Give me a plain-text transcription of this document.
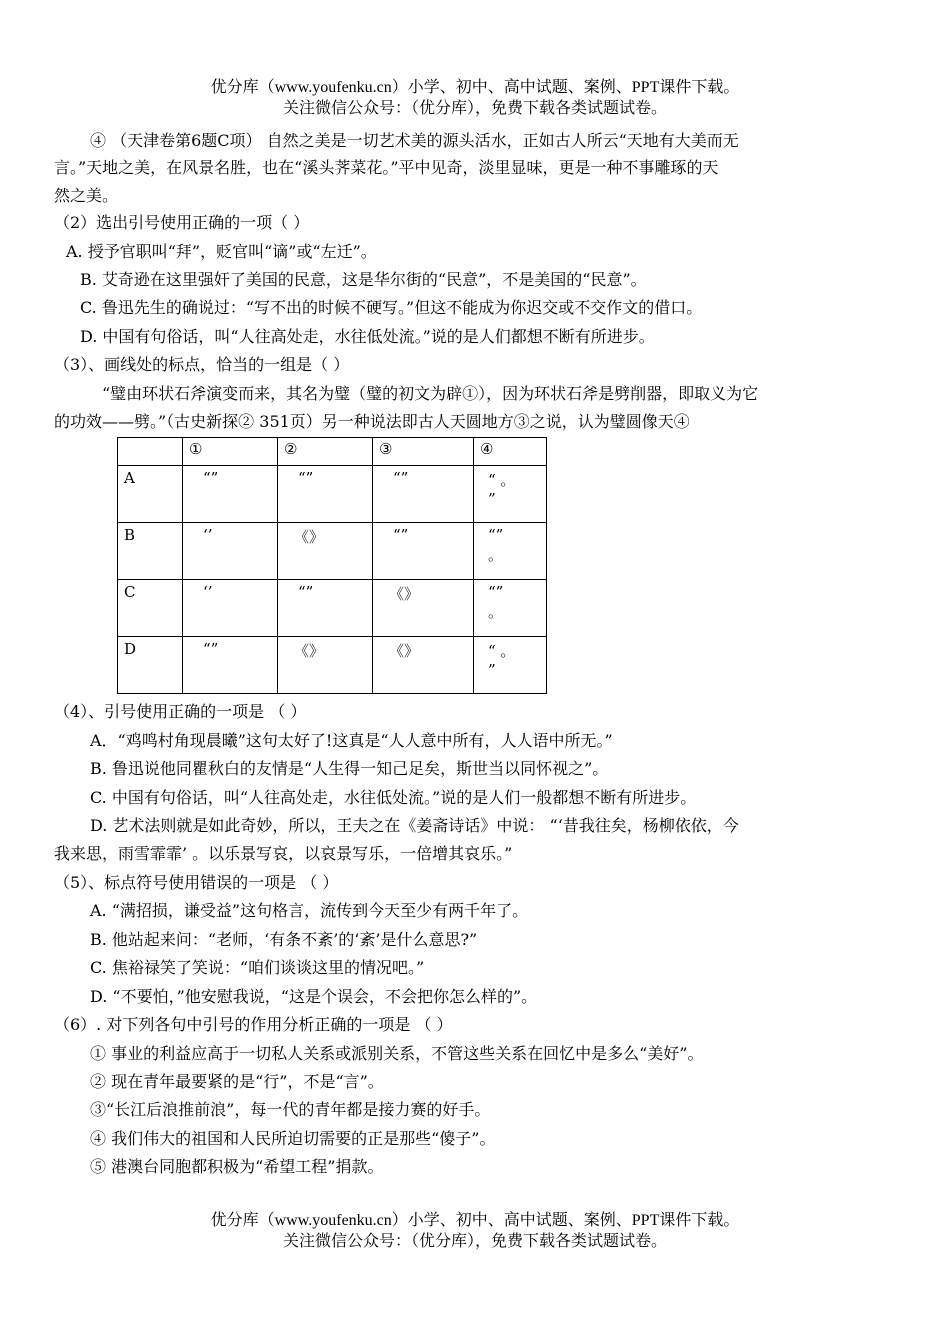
优分库（www.youfenku.cn）小学、初中、高中试题、案例、PPT课件下载。
关注微信公众号：（优分库），免费下载各类试题试卷。
④ （天津卷第6题C项） 自然之美是一切艺术美的源头活水，正如古人所云“天地有大美而无
言。”天地之美，在风景名胜，也在“溪头荠菜花。”平中见奇，淡里显味，更是一种不事雕琢的天
然之美。
（2）选出引号使用正确的一项（ ）
A. 授予官职叫“拜”，贬官叫“谪”或“左迁”。
B. 艾奇逊在这里强奸了美国的民意，这是华尔街的“民意”，不是美国的“民意”。
C. 鲁迅先生的确说过：“写不出的时候不硬写。”但这不能成为你迟交或不交作文的借口。
D. 中国有句俗话，叫“人往高处走，水往低处流。”说的是人们都想不断有所进步。
（3）、画线处的标点，恰当的一组是（ ）
“璧由环状石斧演变而来，其名为璧（璧的初文为辟①），因为环状石斧是劈削器，即取义为它
的功效——劈。”（古史新探② 351页）另一种说法即古人天圆地方③之说，认为璧圆像天④
	①	②	③	④
A	“”	“”	“”	“ 。
”

B	‘’	《》	“”	“”
。

C	‘’	“”	《》	“”
。

D	“”	《》	《》	“ 。
”
（4）、引号使用正确的一项是 （ ）
A．“鸡鸣村角现晨曦”这句太好了!这真是“人人意中所有，人人语中所无。”
B. 鲁迅说他同瞿秋白的友情是“人生得一知己足矣，斯世当以同怀视之”。
C. 中国有句俗话，叫“人往高处走，水往低处流。”说的是人们一般都想不断有所进步。
D. 艺术法则就是如此奇妙，所以，王夫之在《姜斋诗话》中说： “‘昔我往矣，杨柳依依，今
我来思，雨雪霏霏’ 。以乐景写哀，以哀景写乐，一倍增其哀乐。”
（5）、标点符号使用错误的一项是 （ ）
A. “满招损，谦受益”这句格言，流传到今天至少有两千年了。
B. 他站起来问：“老师，‘有条不紊’的‘紊’是什么意思?”
C. 焦裕禄笑了笑说：“咱们谈谈这里的情况吧。”
D. “不要怕，”他安慰我说，“这是个误会，不会把你怎么样的”。
（6）. 对下列各句中引号的作用分析正确的一项是 （ ）
① 事业的利益应高于一切私人关系或派别关系，不管这些关系在回忆中是多么“美好”。
② 现在青年最要紧的是“行”，不是“言”。
③“长江后浪推前浪”，每一代的青年都是接力赛的好手。
④ 我们伟大的祖国和人民所迫切需要的正是那些“傻子”。
⑤ 港澳台同胞都积极为“希望工程”捐款。
优分库（www.youfenku.cn）小学、初中、高中试题、案例、PPT课件下载。
关注微信公众号：（优分库），免费下载各类试题试卷。
